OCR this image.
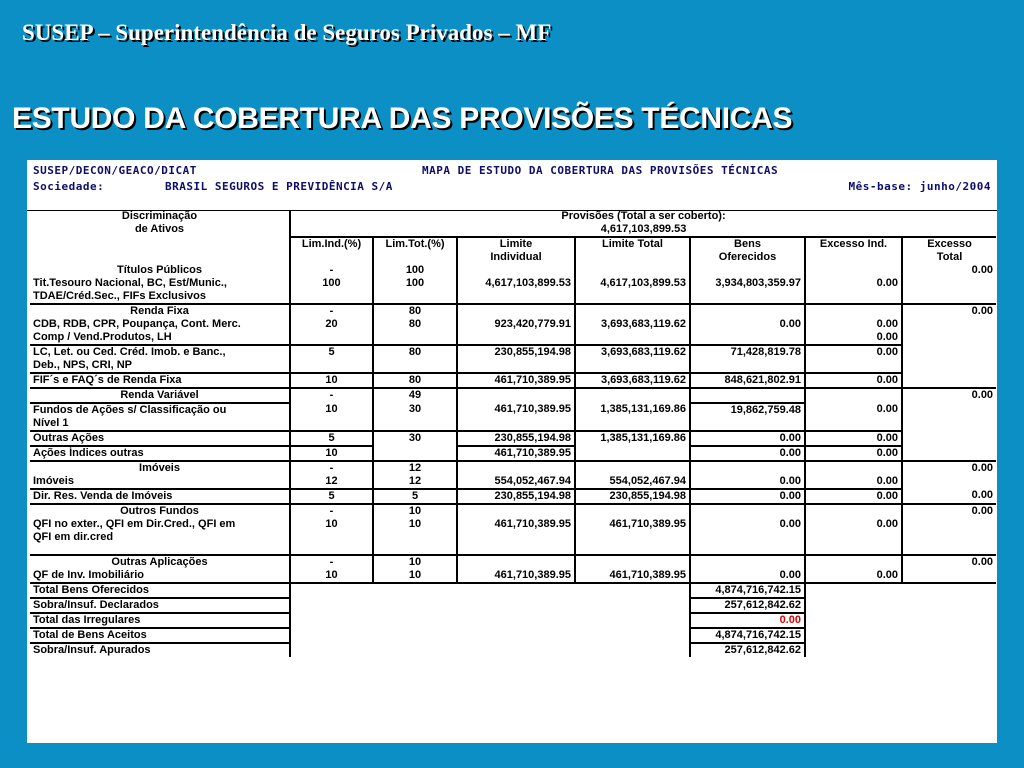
SUSEP – Superintendência de Seguros Privados – MF
ESTUDO DA COBERTURA DAS PROVISÕES TÉCNICAS
SUSEP/DECON/GEACO/DICAT	MAPA DE ESTUDO DA COBERTURA DAS PROVISÕES TÉCNICAS
Sociedade:	BRASIL SEGUROS E PREVIDÊNCIA S/A	Mês-base: junho/2004
Discriminação	Provisões (Total a ser coberto):						
de Ativos	4,617,103,899.53						
	Lim.Ind.(%)	Lim.Tot.(%)	Limite	Limite Total	Bens	Excesso Ind.	Excesso
			Individual		Oferecidos		Total
Títulos Públicos	-	100					0.00
Tit.Tesouro Nacional, BC, Est/Munic.,	100	100	4,617,103,899.53	4,617,103,899.53	3,934,803,359.97	0.00	
TDAE/Créd.Sec., FIFs Exclusivos							
Renda Fixa	-	80					0.00
CDB, RDB, CPR, Poupança, Cont. Merc.	20	80	923,420,779.91	3,693,683,119.62	0.00	0.00	
Comp / Vend.Produtos, LH						0.00	
LC, Let. ou Ced. Créd. Imob. e Banc.,	5	80	230,855,194.98	3,693,683,119.62	71,428,819.78	0.00	
Deb., NPS, CRI, NP							
FIF´s e FAQ´s de Renda Fixa	10	80	461,710,389.95	3,693,683,119.62	848,621,802.91	0.00	
Renda Variável	-	49					0.00
Fundos de Ações s/ Classificação ou	10	30	461,710,389.95	1,385,131,169.86	19,862,759.48	0.00	
Nível 1							
Outras Ações	5	30	230,855,194.98	1,385,131,169.86	0.00	0.00	
Ações Índices outras	10		461,710,389.95		0.00	0.00	
Imóveis	-	12					0.00
Imóveis	12	12	554,052,467.94	554,052,467.94	0.00	0.00	
Dir. Res. Venda de Imóveis	5	5	230,855,194.98	230,855,194.98	0.00	0.00	0.00
Outros Fundos	-	10					0.00
QFI no exter., QFI em Dir.Cred., QFI em	10	10	461,710,389.95	461,710,389.95	0.00	0.00	
QFI em dir.cred							

Outras Aplicações	-	10					0.00
QF de Inv. Imobiliário	10	10	461,710,389.95	461,710,389.95	0.00	0.00	
Total Bens Oferecidos					4,874,716,742.15		
Sobra/Insuf. Declarados					257,612,842.62		
Total das Irregulares					0.00		
Total de Bens Aceitos					4,874,716,742.15		
Sobra/Insuf. Apurados					257,612,842.62		
